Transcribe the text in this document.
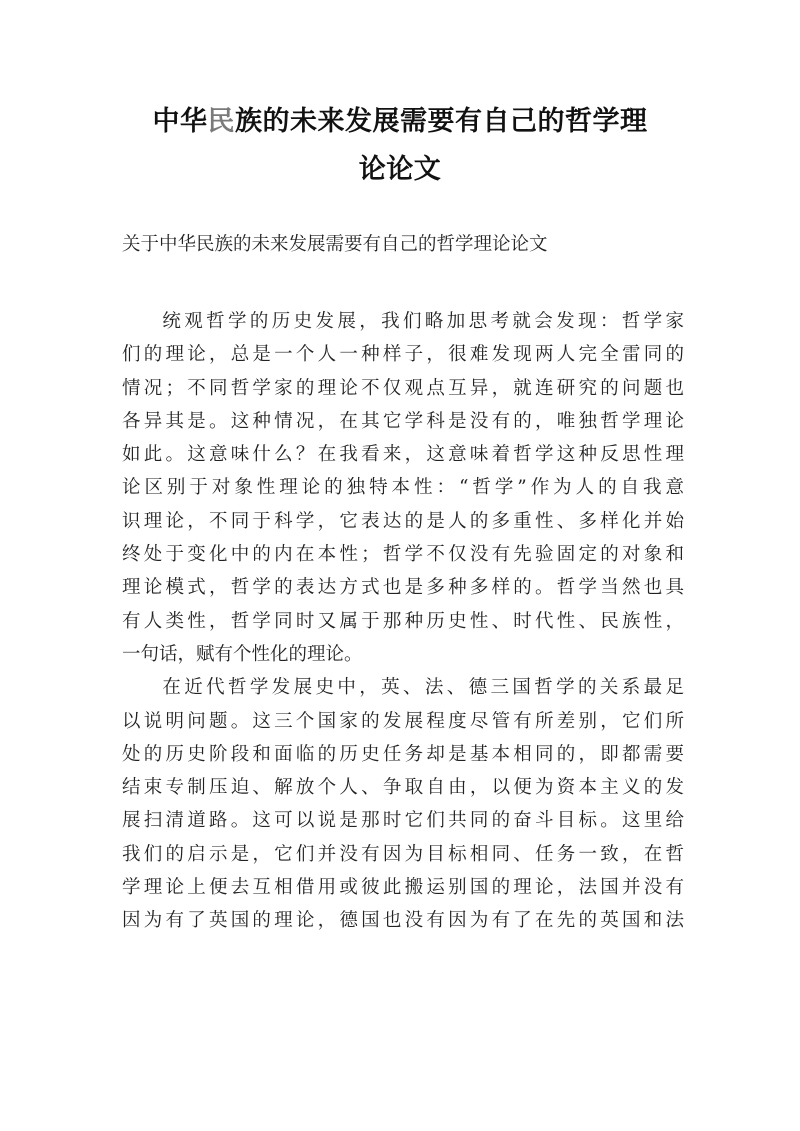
中华民族的未来发展需要有自己的哲学理
论论文

关于中华民族的未来发展需要有自己的哲学理论论文

统观哲学的历史发展，我们略加思考就会发现：哲学家
们的理论，总是一个人一种样子，很难发现两人完全雷同的
情况；不同哲学家的理论不仅观点互异，就连研究的问题也
各异其是。这种情况，在其它学科是没有的，唯独哲学理论
如此。这意味什么？在我看来，这意味着哲学这种反思性理
论区别于对象性理论的独特本性：“哲学”作为人的自我意
识理论，不同于科学，它表达的是人的多重性、多样化并始
终处于变化中的内在本性；哲学不仅没有先验固定的对象和
理论模式，哲学的表达方式也是多种多样的。哲学当然也具
有人类性，哲学同时又属于那种历史性、时代性、民族性，
一句话，赋有个性化的理论。
在近代哲学发展史中，英、法、德三国哲学的关系最足
以说明问题。这三个国家的发展程度尽管有所差别，它们所
处的历史阶段和面临的历史任务却是基本相同的，即都需要
结束专制压迫、解放个人、争取自由，以便为资本主义的发
展扫清道路。这可以说是那时它们共同的奋斗目标。这里给
我们的启示是，它们并没有因为目标相同、任务一致，在哲
学理论上便去互相借用或彼此搬运别国的理论，法国并没有
因为有了英国的理论，德国也没有因为有了在先的英国和法
